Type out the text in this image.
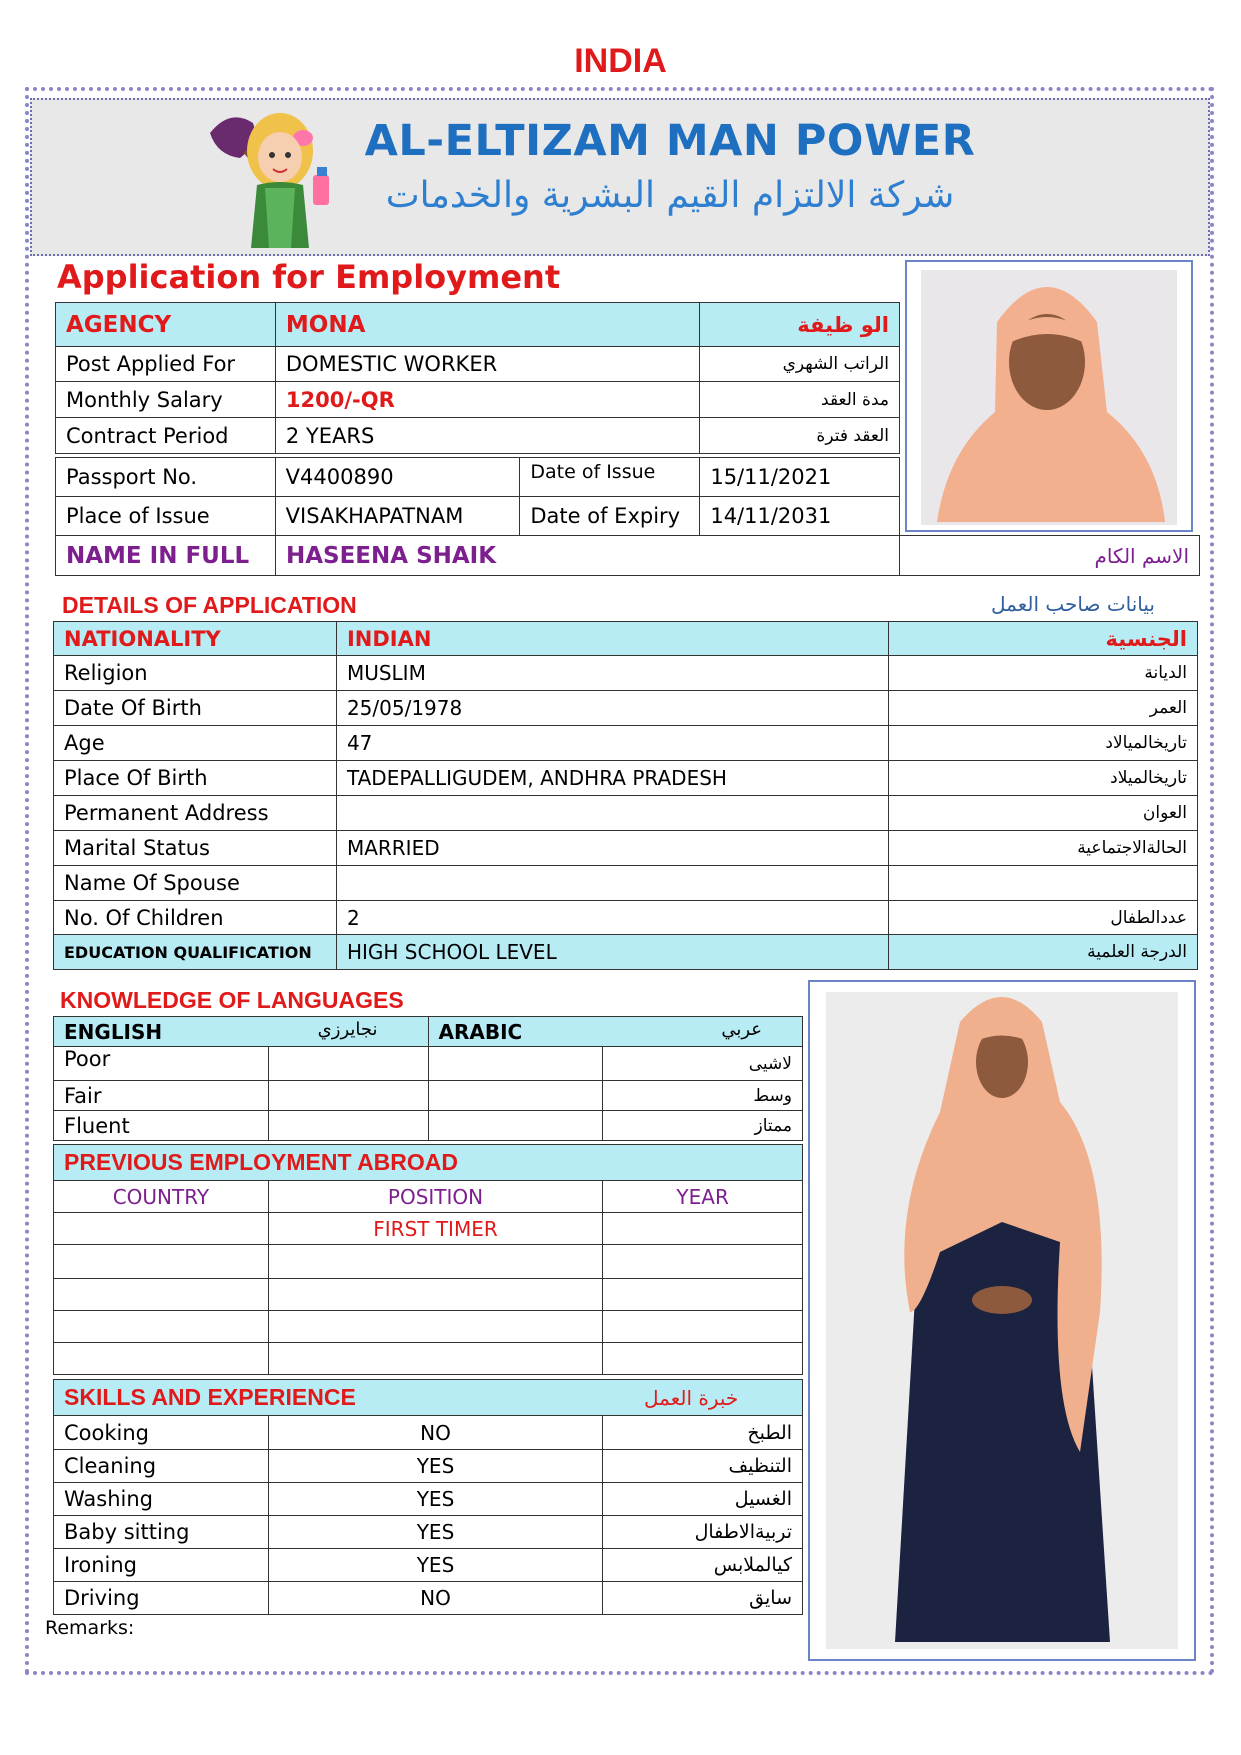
INDIA
AL-ELTIZAM MAN POWER
شركة الالتزام القيم البشرية والخدمات
Application for Employment
AGENCY	MONA	الو ظيفة
Post Applied For	DOMESTIC WORKER	الراتب الشهري
Monthly Salary	1200/-QR	مدة العقد
Contract Period	2 YEARS	العقد فترة
Passport No.	V4400890	Date of Issue	15/11/2021
Place of Issue	VISAKHAPATNAM	Date of Expiry	14/11/2031
NAME IN FULL	HASEENA SHAIK	الاسم الكام
DETAILS OF APPLICATION	بيانات صاحب العمل
NATIONALITY	INDIAN	الجنسية
Religion	MUSLIM	الديانة
Date Of Birth	25/05/1978	العمر
Age	47	تاريخالميالاد
Place Of Birth	TADEPALLIGUDEM, ANDHRA PRADESH	تاريخالميلاد
Permanent Address		العوان
Marital Status	MARRIED	الحالةالاجتماعية
Name Of Spouse		
No. Of Children	2	عددالطفال
EDUCATION QUALIFICATION	HIGH SCHOOL LEVEL	الدرجة العلمية
KNOWLEDGE OF LANGUAGES
ENGLISH نجايرزي		ARABIC عربي	

Poor			لاشيى
Fair			وسط
Fluent			ممتاز
PREVIOUS EMPLOYMENT ABROAD		
COUNTRY	POSITION	YEAR
	FIRST TIMER	

SKILLS AND EXPERIENCE خبرة العمل		

Cooking	NO	الطبخ
Cleaning	YES	التنظيف
Washing	YES	الغسيل
Baby sitting	YES	تربيةالاطفال
Ironing	YES	كيالملابس
Driving	NO	سايق
Remarks:
